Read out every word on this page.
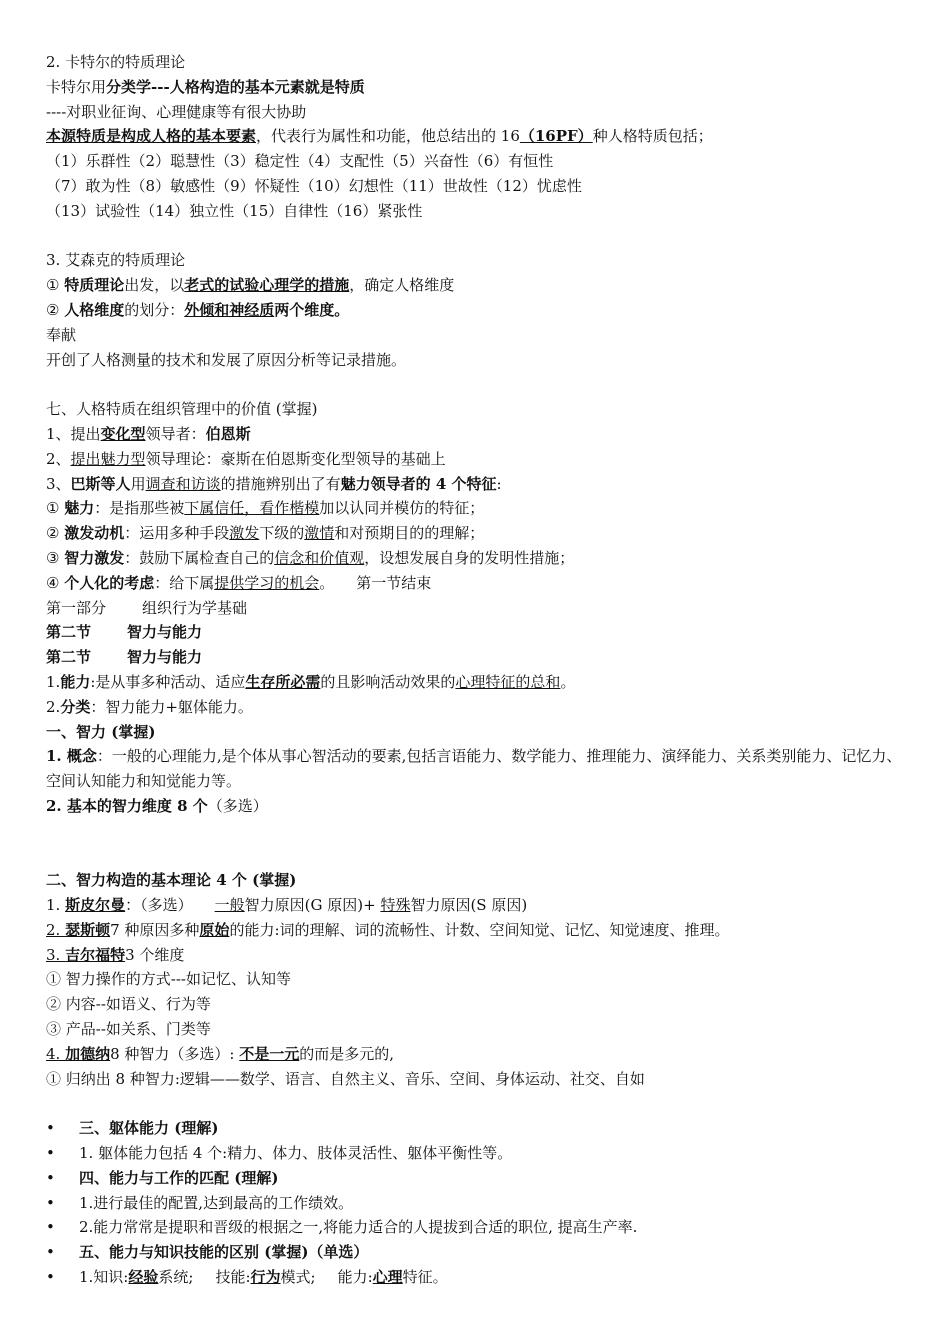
2. 卡特尔的特质理论
卡特尔用分类学---人格构造的基本元素就是特质
----对职业征询、心理健康等有很大协助
本源特质是构成人格的基本要素，代表行为属性和功能，他总结出的 16（16PF）种人格特质包括；
（1）乐群性（2）聪慧性（3）稳定性（4）支配性（5）兴奋性（6）有恒性
（7）敢为性（8）敏感性（9）怀疑性（10）幻想性（11）世故性（12）忧虑性
（13）试验性（14）独立性（15）自律性（16）紧张性
3. 艾森克的特质理论
① 特质理论出发，以老式的试验心理学的措施，确定人格维度
② 人格维度的划分：外倾和神经质两个维度。
奉献
开创了人格测量的技术和发展了原因分析等记录措施。
七、人格特质在组织管理中的价值 (掌握)
1、提出变化型领导者：伯恩斯
2、提出魅力型领导理论：豪斯在伯恩斯变化型领导的基础上
3、巴斯等人用调查和访谈的措施辨别出了有魅力领导者的 4 个特征:
① 魅力：是指那些被下属信任，看作楷模加以认同并模仿的特征；
② 激发动机：运用多种手段激发下级的激情和对预期目的的理解；
③ 智力激发：鼓励下属检查自己的信念和价值观，设想发展自身的发明性措施；
④ 个人化的考虑：给下属提供学习的机会。 第一节结束
第一部分 组织行为学基础
第二节 智力与能力
第二节 智力与能力
1.能力:是从事多种活动、适应生存所必需的且影响活动效果的心理特征的总和。
2.分类：智力能力+躯体能力。
一、智力 (掌握)
1. 概念：一般的心理能力,是个体从事心智活动的要素,包括言语能力、数学能力、推理能力、演绎能力、关系类别能力、记忆力、空间认知能力和知觉能力等。
2. 基本的智力维度 8 个（多选）
二、智力构造的基本理论 4 个 (掌握)
1. 斯皮尔曼：（多选） 一般智力原因(G 原因)+ 特殊智力原因(S 原因)
2. 瑟斯顿7 种原因多种原始的能力:词的理解、词的流畅性、计数、空间知觉、记忆、知觉速度、推理。
3. 吉尔福特3 个维度
① 智力操作的方式---如记忆、认知等
② 内容--如语义、行为等
③ 产品--如关系、门类等
4. 加德纳8 种智力（多选）: 不是一元的而是多元的,
① 归纳出 8 种智力:逻辑——数学、语言、自然主义、音乐、空间、身体运动、社交、自如
• 三、躯体能力 (理解)
• 1. 躯体能力包括 4 个:精力、体力、肢体灵活性、躯体平衡性等。
• 四、能力与工作的匹配 (理解)
• 1.进行最佳的配置,达到最高的工作绩效。
• 2.能力常常是提职和晋级的根据之一,将能力适合的人提拔到合适的职位, 提高生产率.
• 五、能力与知识技能的区别 (掌握)（单选）
• 1.知识:经验系统; 技能:行为模式; 能力:心理特征。
